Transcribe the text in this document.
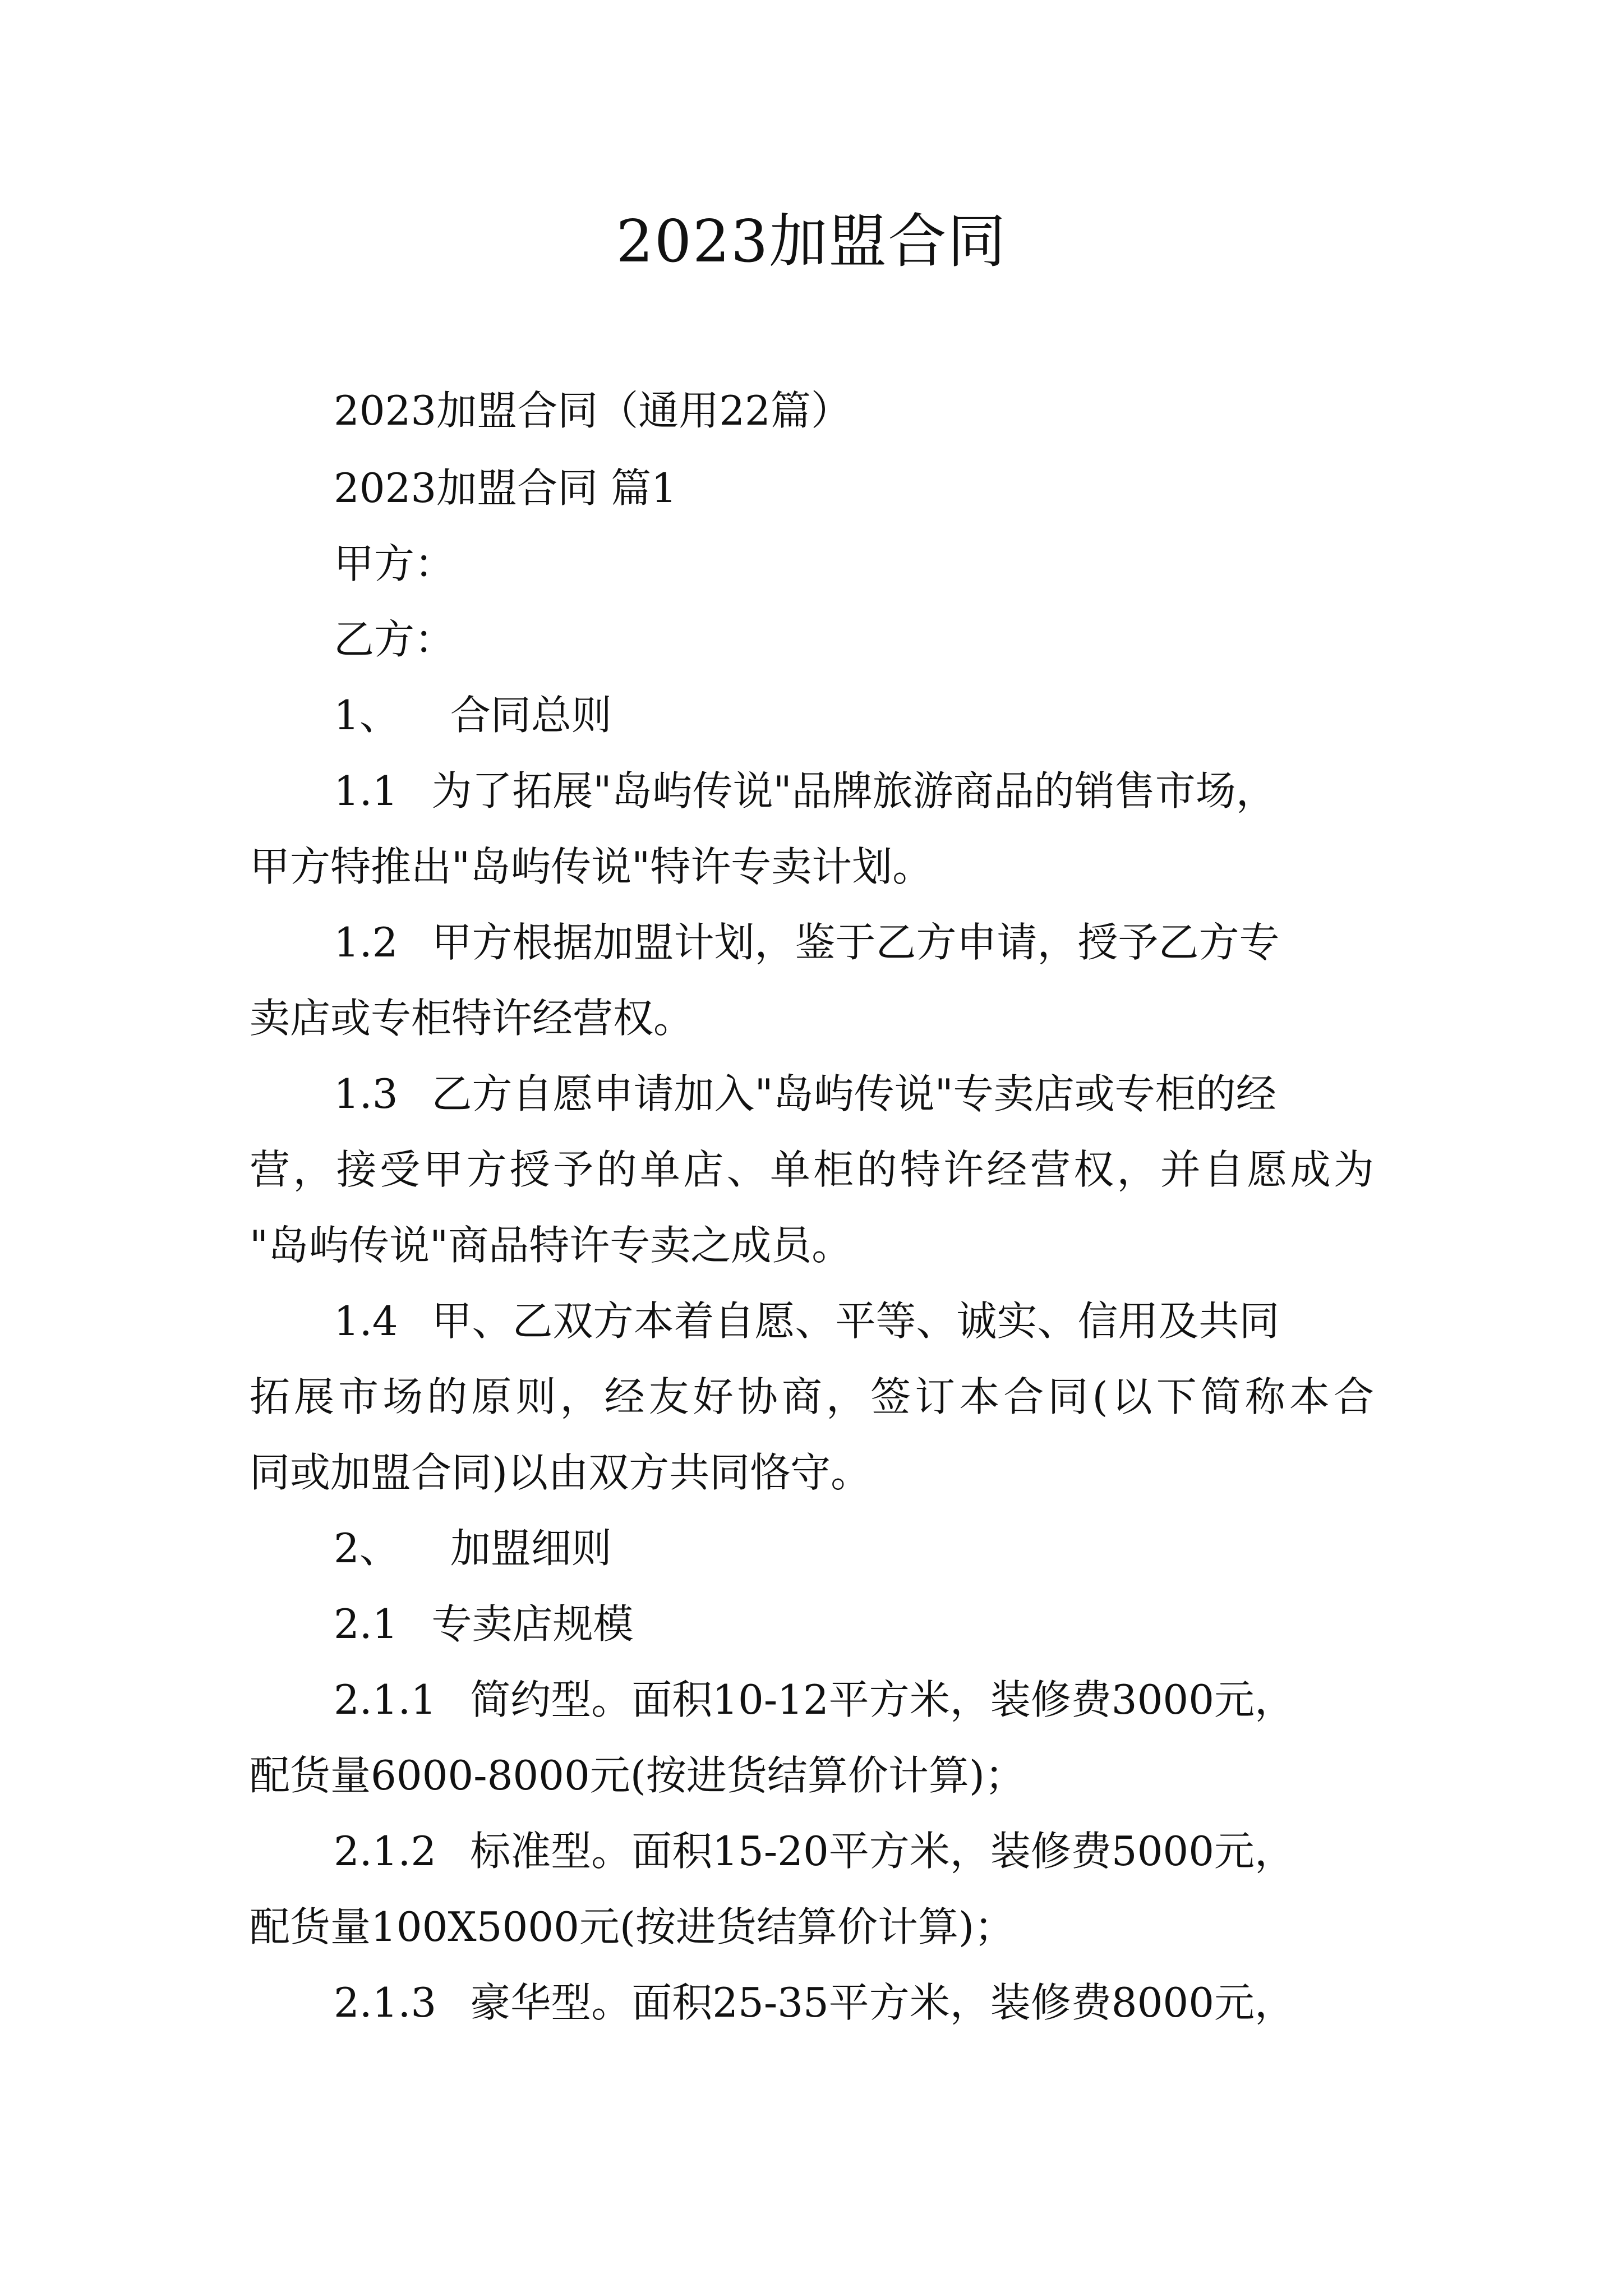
2023加盟合同
2023加盟合同（通用22篇）
2023加盟合同 篇1
甲方：
乙方：
1、 合同总则
1.1 为了拓展"岛屿传说"品牌旅游商品的销售市场，
甲方特推出"岛屿传说"特许专卖计划。
1.2 甲方根据加盟计划，鉴于乙方申请，授予乙方专
卖店或专柜特许经营权。
1.3 乙方自愿申请加入"岛屿传说"专卖店或专柜的经
营，接受甲方授予的单店、单柜的特许经营权，并自愿成为
"岛屿传说"商品特许专卖之成员。
1.4 甲、乙双方本着自愿、平等、诚实、信用及共同
拓展市场的原则，经友好协商，签订本合同(以下简称本合
同或加盟合同)以由双方共同恪守。
2、 加盟细则
2.1 专卖店规模
2.1.1 简约型。面积10-12平方米，装修费3000元，
配货量6000-8000元(按进货结算价计算)；
2.1.2 标准型。面积15-20平方米，装修费5000元，
配货量100X5000元(按进货结算价计算)；
2.1.3 豪华型。面积25-35平方米，装修费8000元，
